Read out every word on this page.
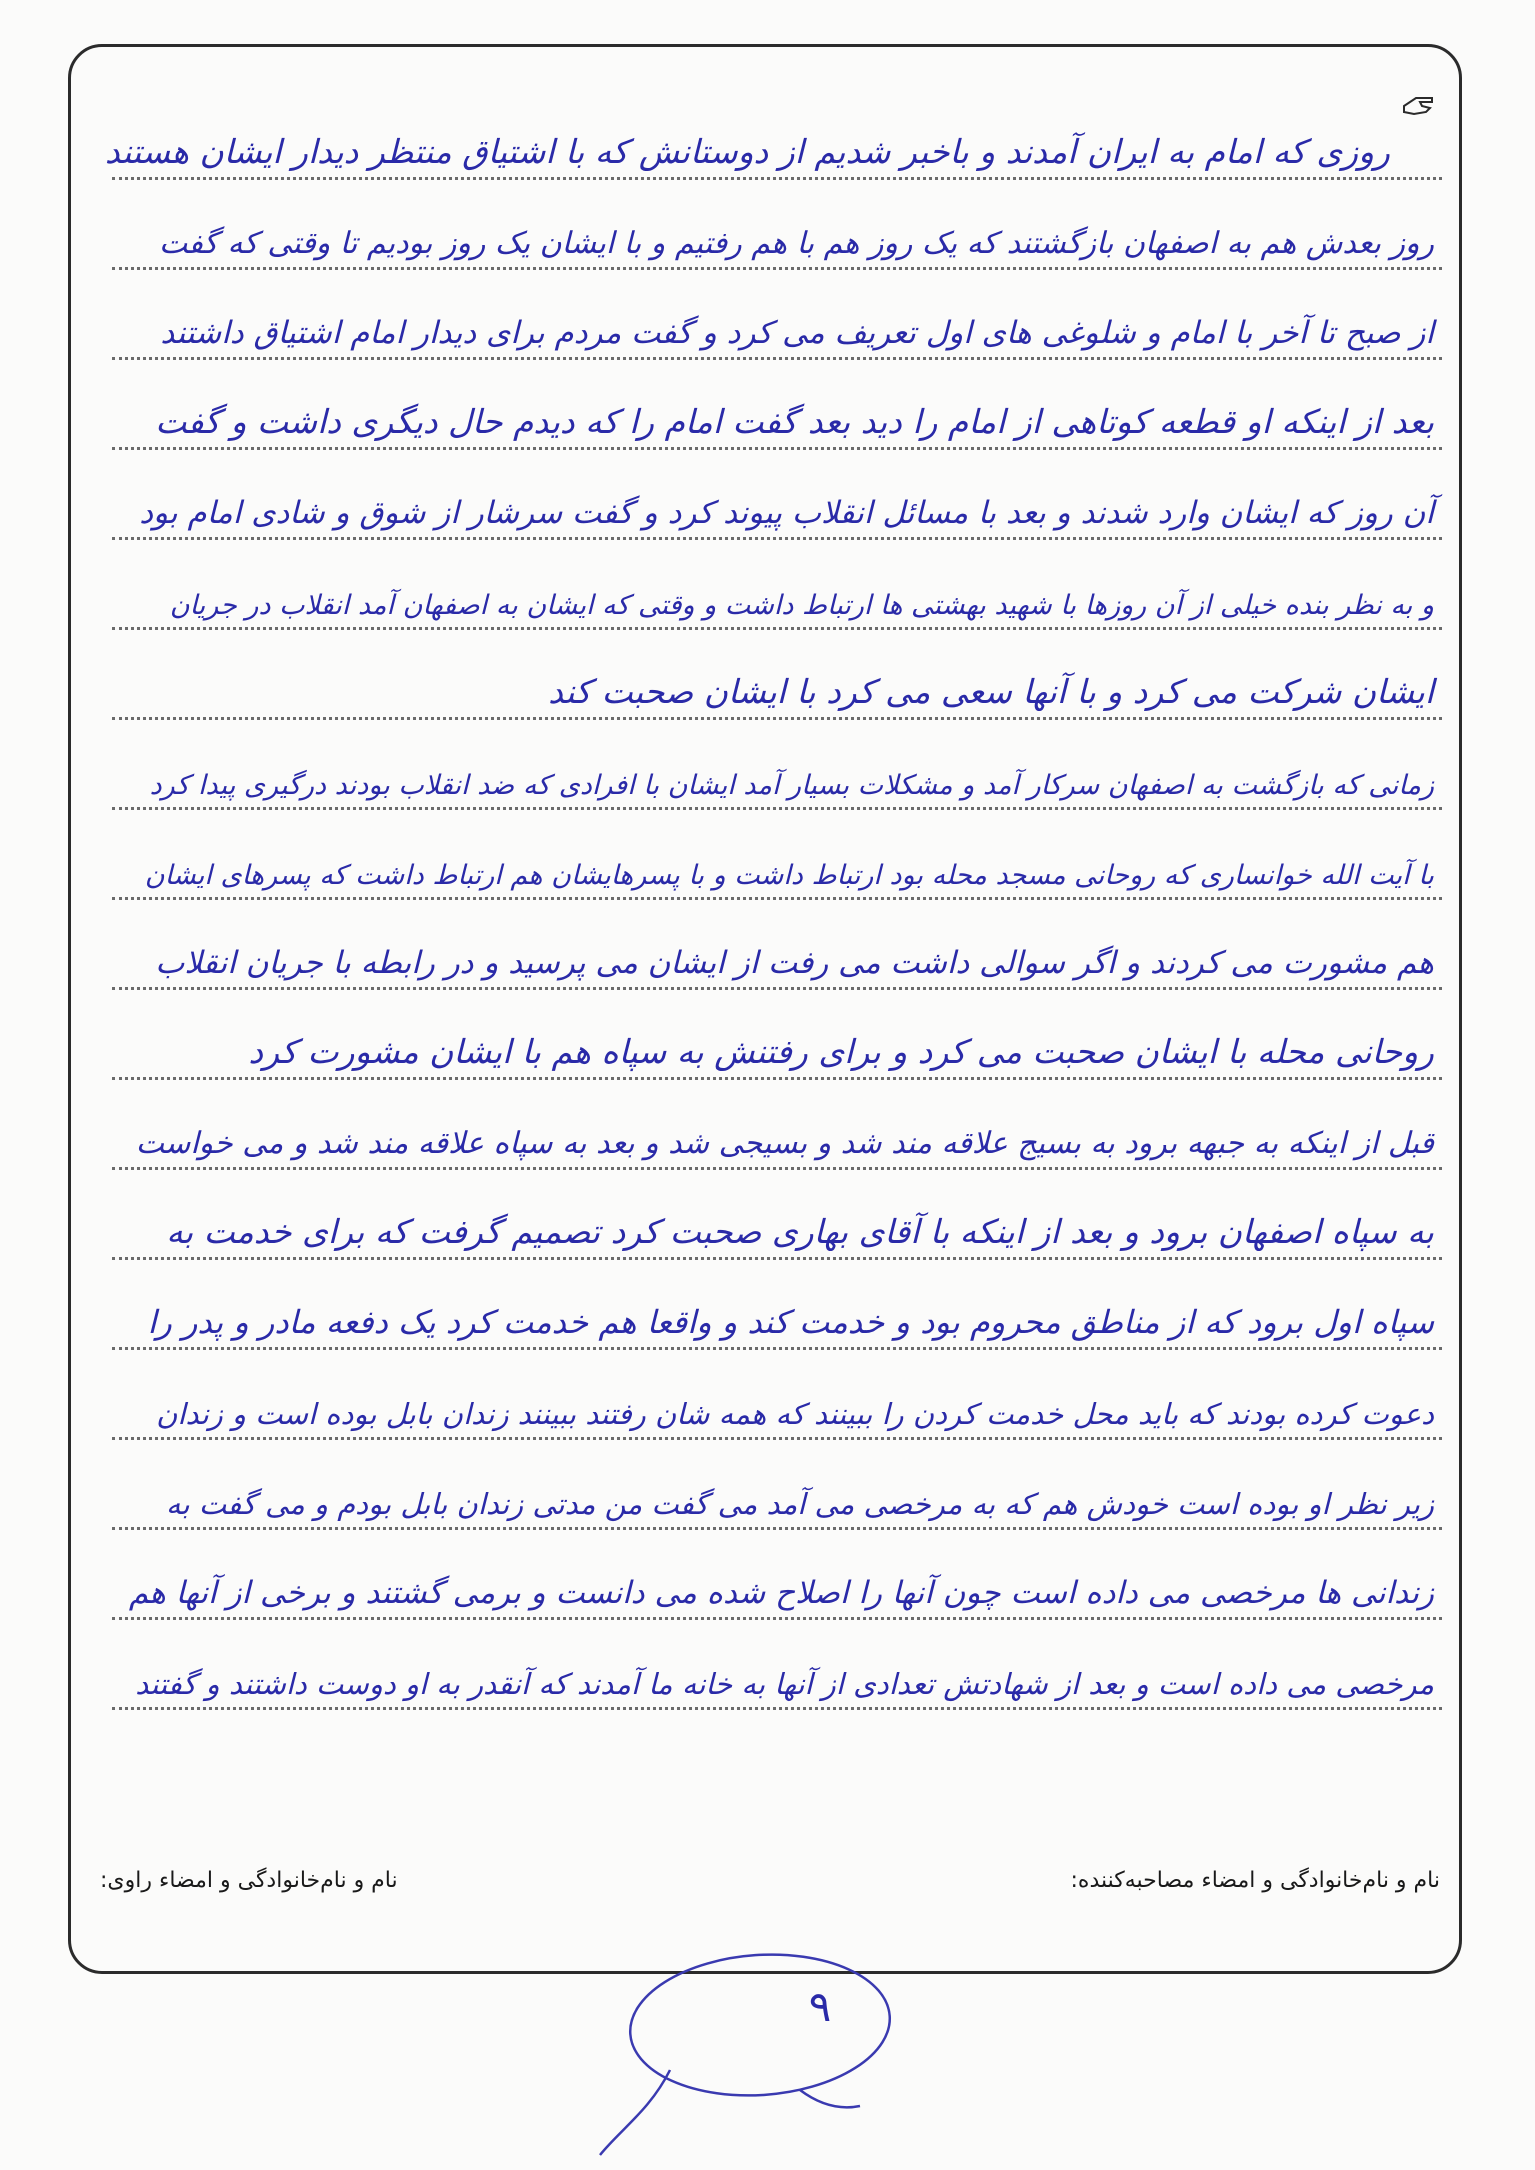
روزی که امام به ایران آمدند و باخبر شدیم از دوستانش که با اشتیاق منتظر دیدار ایشان هستند
روز بعدش هم به اصفهان بازگشتند که یک روز هم با هم رفتیم و با ایشان یک روز بودیم تا وقتی که گفت
از صبح تا آخر با امام و شلوغی های اول تعریف می کرد و گفت مردم برای دیدار امام اشتیاق داشتند
بعد از اینکه او قطعه کوتاهی از امام را دید بعد گفت امام را که دیدم حال دیگری داشت و گفت
آن روز که ایشان وارد شدند و بعد با مسائل انقلاب پیوند کرد و گفت سرشار از شوق و شادی امام بود
و به نظر بنده خیلی از آن روزها با شهید بهشتی ها ارتباط داشت و وقتی که ایشان به اصفهان آمد انقلاب در جریان
ایشان شرکت می کرد و با آنها سعی می کرد با ایشان صحبت کند
زمانی که بازگشت به اصفهان سرکار آمد و مشکلات بسیار آمد ایشان با افرادی که ضد انقلاب بودند درگیری پیدا کرد
با آیت الله خوانساری که روحانی مسجد محله بود ارتباط داشت و با پسرهایشان هم ارتباط داشت که پسرهای ایشان
هم مشورت می کردند و اگر سوالی داشت می رفت از ایشان می پرسید و در رابطه با جریان انقلاب
روحانی محله با ایشان صحبت می کرد و برای رفتنش به سپاه هم با ایشان مشورت کرد
قبل از اینکه به جبهه برود به بسیج علاقه مند شد و بسیجی شد و بعد به سپاه علاقه مند شد و می خواست
به سپاه اصفهان برود و بعد از اینکه با آقای بهاری صحبت کرد تصمیم گرفت که برای خدمت به
سپاه اول برود که از مناطق محروم بود و خدمت کند و واقعا هم خدمت کرد یک دفعه مادر و پدر را
دعوت کرده بودند که باید محل خدمت کردن را ببینند که همه شان رفتند ببینند زندان بابل بوده است و زندان
زیر نظر او بوده است خودش هم که به مرخصی می آمد می گفت من مدتی زندان بابل بودم و می گفت به
زندانی ها مرخصی می داده است چون آنها را اصلاح شده می دانست و برمی گشتند و برخی از آنها هم
مرخصی می داده است و بعد از شهادتش تعدادی از آنها به خانه ما آمدند که آنقدر به او دوست داشتند و گفتند
نام و نام‌خانوادگی و امضاء مصاحبه‌کننده:
نام و نام‌خانوادگی و امضاء راوی:
۹
